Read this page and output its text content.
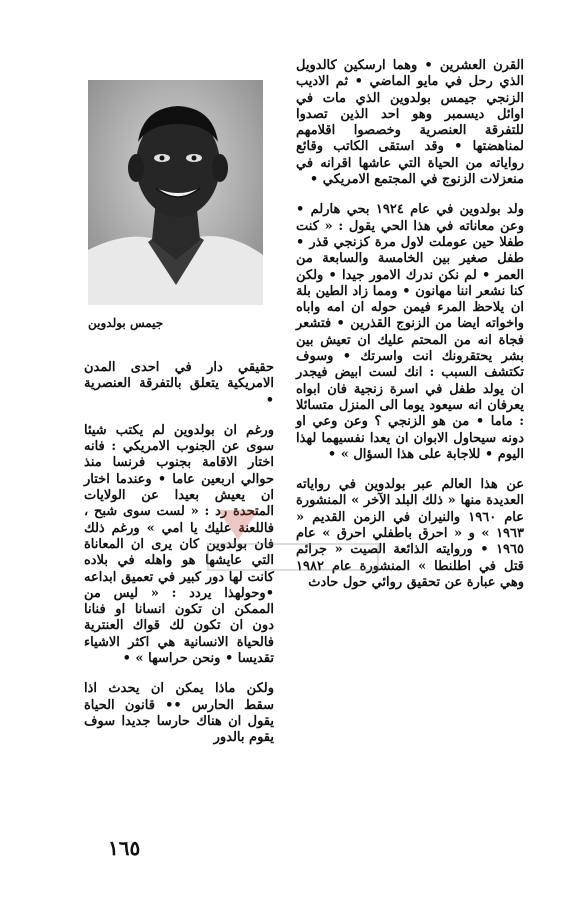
جيمس بولدوين

القرن العشرين • وهما ارسكين كالدويل الذي رحل في مايو الماضي • ثم الاديب الزنجي جيمس بولدوين الذي مات في اوائل ديسمبر وهو احد الذين تصدوا للتفرقة العنصرية وخصصوا اقلامهم لمناهضتها • وقد استقى الكاتب وقائع رواياته من الحياة التي عاشها اقرانه في منعزلات الزنوج في المجتمع الامريكي •

ولد بولدوين في عام ١٩٢٤ بحي هارلم • وعن معاناته في هذا الحي يقول : « كنت طفلا حين عوملت لاول مرة كزنجي قذر • طفل صغير بين الخامسة والسابعة من العمر • لم نكن ندرك الامور جيدا • ولكن كنا نشعر اننا مهانون • ومما زاد الطين بلة ان يلاحظ المرء فيمن حوله ان امه واباه واخواته ايضا من الزنوج القذرين • فتشعر فجاة انه من المحتم عليك ان تعيش بين بشر يحتقرونك انت واسرتك • وسوف تكتشف السبب : انك لست ابيض فيجدر ان يولد طفل في اسرة زنجية فان ابواه يعرفان انه سيعود يوما الى المنزل متسائلا : ماما • من هو الزنجي ؟ وعن وعي او دونه سيحاول الابوان ان يعدا نفسيهما لهذا اليوم • للاجابة على هذا السؤال » •

عن هذا العالم عبر بولدوين في رواياته العديدة منها « ذلك البلد الآخر » المنشورة عام ١٩٦٠ والنيران في الزمن القديم « ١٩٦٣ » و « احرق باطفلي احرق » عام ١٩٦٥ • وروايته الذائعة الصيت « جرائم قتل في اطلنطا » المنشورة عام ١٩٨٢ وهي عبارة عن تحقيق روائي حول حادث

حقيقي دار في احدى المدن الامريكية يتعلق بالتفرقة العنصرية •

ورغم ان بولدوين لم يكتب شيئا سوى عن الجنوب الامريكي : فانه اختار الاقامة بجنوب فرنسا منذ حوالي اربعين عاما • وعندما اختار ان يعيش بعيدا عن الولايات المتحدة رد : « لست سوى شبح ، فاللعنة عليك يا امي » ورغم ذلك فان بولدوين كان يرى ان المعاناة التي عايشها هو واهله في بلاده كانت لها دور كبير في تعميق ابداعه •وحولهذا يردد : « ليس من الممكن ان تكون انسانا او فنانا دون ان تكون لك قواك العنترية فالحياة الانسانية هي اكثر الاشياء تقديسا • ونحن حراسها » •

ولكن ماذا يمكن ان يحدث اذا سقط الحارس •• قانون الحياة يقول ان هناك حارسا جديدا سوف يقوم بالدور

١٦٥
